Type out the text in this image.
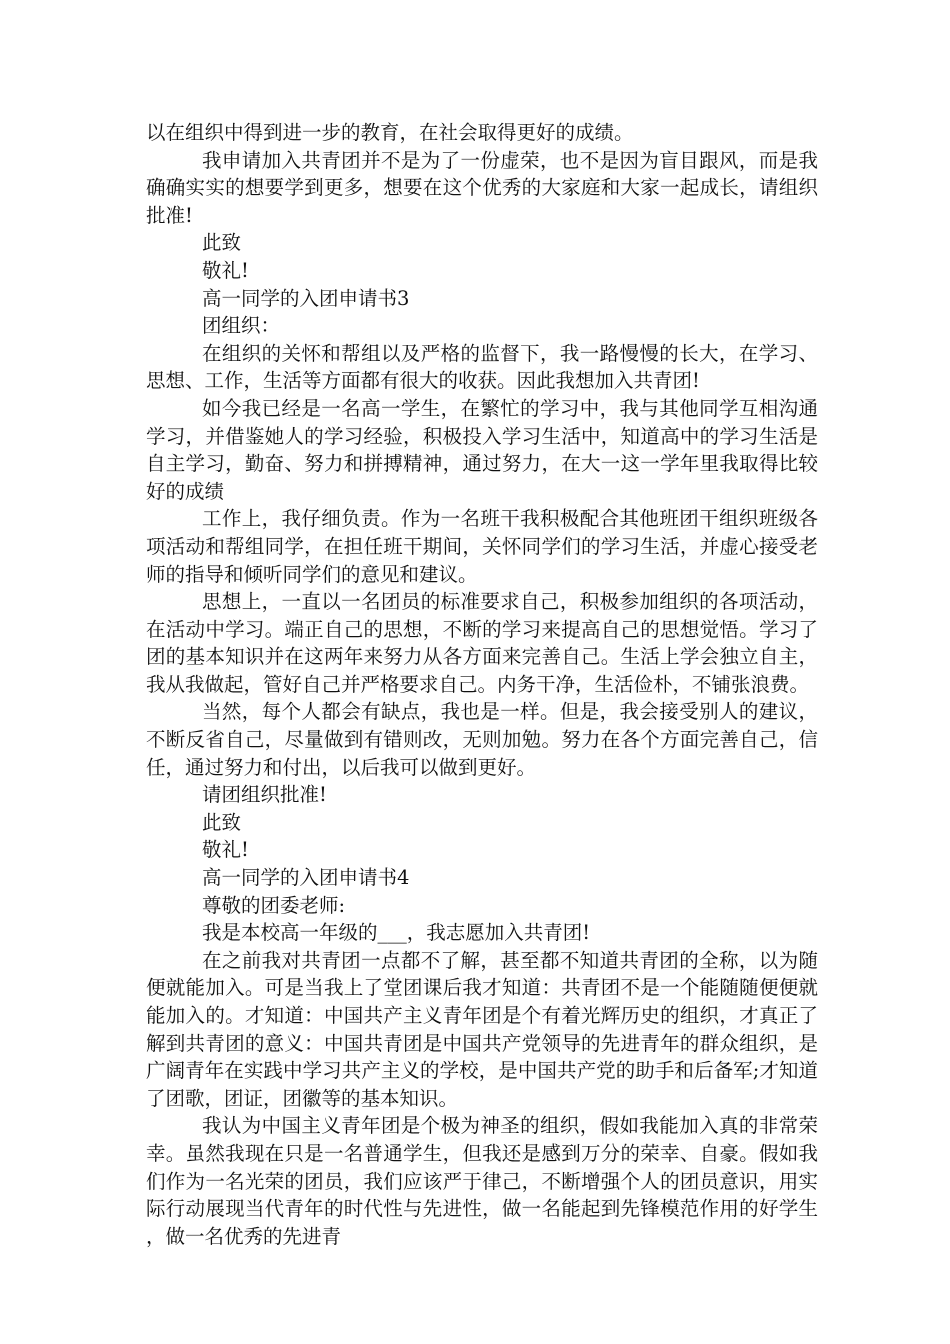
以在组织中得到进一步的教育，在社会取得更好的成绩。

我申请加入共青团并不是为了一份虚荣，也不是因为盲目跟风，而是我确确实实的想要学到更多，想要在这个优秀的大家庭和大家一起成长，请组织批准!

此致

敬礼!

高一同学的入团申请书3

团组织：

在组织的关怀和帮组以及严格的监督下，我一路慢慢的长大，在学习、思想、工作，生活等方面都有很大的收获。因此我想加入共青团!

如今我已经是一名高一学生，在繁忙的学习中，我与其他同学互相沟通学习，并借鉴她人的学习经验，积极投入学习生活中，知道高中的学习生活是自主学习，勤奋、努力和拼搏精神，通过努力，在大一这一学年里我取得比较好的成绩

工作上，我仔细负责。作为一名班干我积极配合其他班团干组织班级各项活动和帮组同学，在担任班干期间，关怀同学们的学习生活，并虚心接受老师的指导和倾听同学们的意见和建议。

思想上，一直以一名团员的标准要求自己，积极参加组织的各项活动，在活动中学习。端正自己的思想，不断的学习来提高自己的思想觉悟。学习了团的基本知识并在这两年来努力从各方面来完善自己。生活上学会独立自主，我从我做起，管好自己并严格要求自己。内务干净，生活俭朴，不铺张浪费。

当然，每个人都会有缺点，我也是一样。但是，我会接受别人的建议，不断反省自己，尽量做到有错则改，无则加勉。努力在各个方面完善自己，信任，通过努力和付出，以后我可以做到更好。

请团组织批准!

此致

敬礼!

高一同学的入团申请书4

尊敬的团委老师:

我是本校高一年级的___，我志愿加入共青团!

在之前我对共青团一点都不了解，甚至都不知道共青团的全称，以为随便就能加入。可是当我上了堂团课后我才知道：共青团不是一个能随随便便就能加入的。才知道：中国共产主义青年团是个有着光辉历史的组织，才真正了解到共青团的意义：中国共青团是中国共产党领导的先进青年的群众组织，是广阔青年在实践中学习共产主义的学校，是中国共产党的助手和后备军;才知道了团歌，团证，团徽等的基本知识。

我认为中国主义青年团是个极为神圣的组织，假如我能加入真的非常荣幸。虽然我现在只是一名普通学生，但我还是感到万分的荣幸、自豪。假如我们作为一名光荣的团员，我们应该严于律己，不断增强个人的团员意识，用实际行动展现当代青年的时代性与先进性，做一名能起到先锋模范作用的好学生，做一名优秀的先进青
